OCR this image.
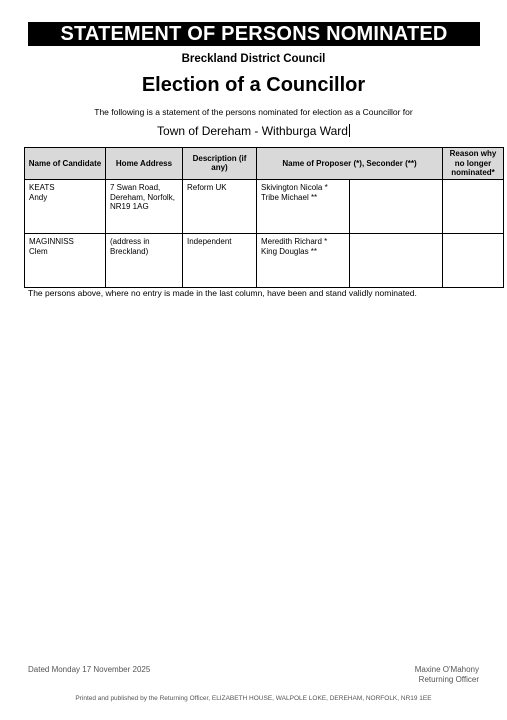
STATEMENT OF PERSONS NOMINATED
Breckland District Council
Election of a Councillor
The following is a statement of the persons nominated for election as a Councillor for
Town of Dereham - Withburga Ward
Name of Candidate	Home Address	Description (if any)	Name of Proposer (*), Seconder (**)		Reason why no longer nominated*

KEATS
Andy	7 Swan Road, Dereham, Norfolk, NR19 1AG	Reform UK	Skivington Nicola *
Tribe Michael **		

MAGINNISS
Clem	(address in Breckland)	Independent	Meredith Richard *
King Douglas **		

The persons above, where no entry is made in the last column, have been and stand validly nominated.
Dated Monday 17 November 2025	Maxine O'Mahony
Returning Officer
Printed and published by the Returning Officer, ELIZABETH HOUSE, WALPOLE LOKE, DEREHAM, NORFOLK, NR19 1EE
